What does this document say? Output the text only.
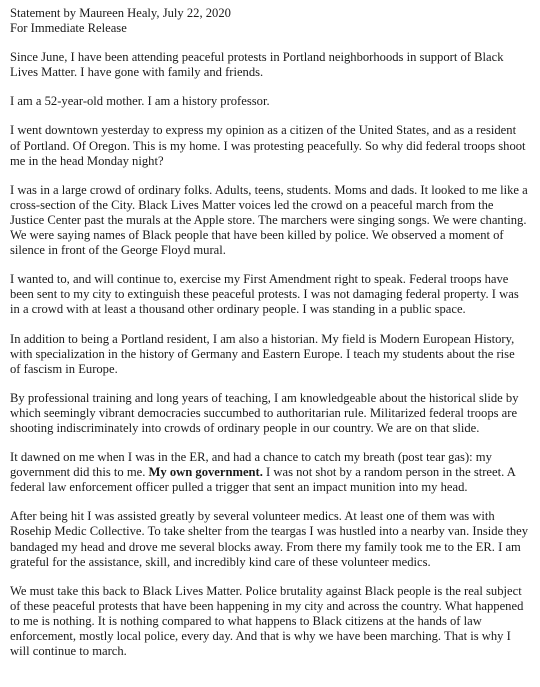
Statement by Maureen Healy, July 22, 2020

For Immediate Release

Since June, I have been attending peaceful protests in Portland neighborhoods in support of Black Lives Matter. I have gone with family and friends.

I am a 52-year-old mother. I am a history professor.

I went downtown yesterday to express my opinion as a citizen of the United States, and as a resident of Portland. Of Oregon. This is my home. I was protesting peacefully. So why did federal troops shoot me in the head Monday night?

I was in a large crowd of ordinary folks. Adults, teens, students. Moms and dads. It looked to me like a cross-section of the City. Black Lives Matter voices led the crowd on a peaceful march from the Justice Center past the murals at the Apple store. The marchers were singing songs. We were chanting. We were saying names of Black people that have been killed by police. We observed a moment of silence in front of the George Floyd mural.

I wanted to, and will continue to, exercise my First Amendment right to speak. Federal troops have been sent to my city to extinguish these peaceful protests. I was not damaging federal property. I was in a crowd with at least a thousand other ordinary people. I was standing in a public space.

In addition to being a Portland resident, I am also a historian. My field is Modern European History, with specialization in the history of Germany and Eastern Europe. I teach my students about the rise of fascism in Europe.

By professional training and long years of teaching, I am knowledgeable about the historical slide by which seemingly vibrant democracies succumbed to authoritarian rule. Militarized federal troops are shooting indiscriminately into crowds of ordinary people in our country. We are on that slide.

It dawned on me when I was in the ER, and had a chance to catch my breath (post tear gas): my government did this to me. My own government. I was not shot by a random person in the street. A federal law enforcement officer pulled a trigger that sent an impact munition into my head.

After being hit I was assisted greatly by several volunteer medics. At least one of them was with Rosehip Medic Collective. To take shelter from the teargas I was hustled into a nearby van. Inside they bandaged my head and drove me several blocks away. From there my family took me to the ER. I am grateful for the assistance, skill, and incredibly kind care of these volunteer medics.

We must take this back to Black Lives Matter. Police brutality against Black people is the real subject of these peaceful protests that have been happening in my city and across the country. What happened to me is nothing. It is nothing compared to what happens to Black citizens at the hands of law enforcement, mostly local police, every day. And that is why we have been marching. That is why I will continue to march.
